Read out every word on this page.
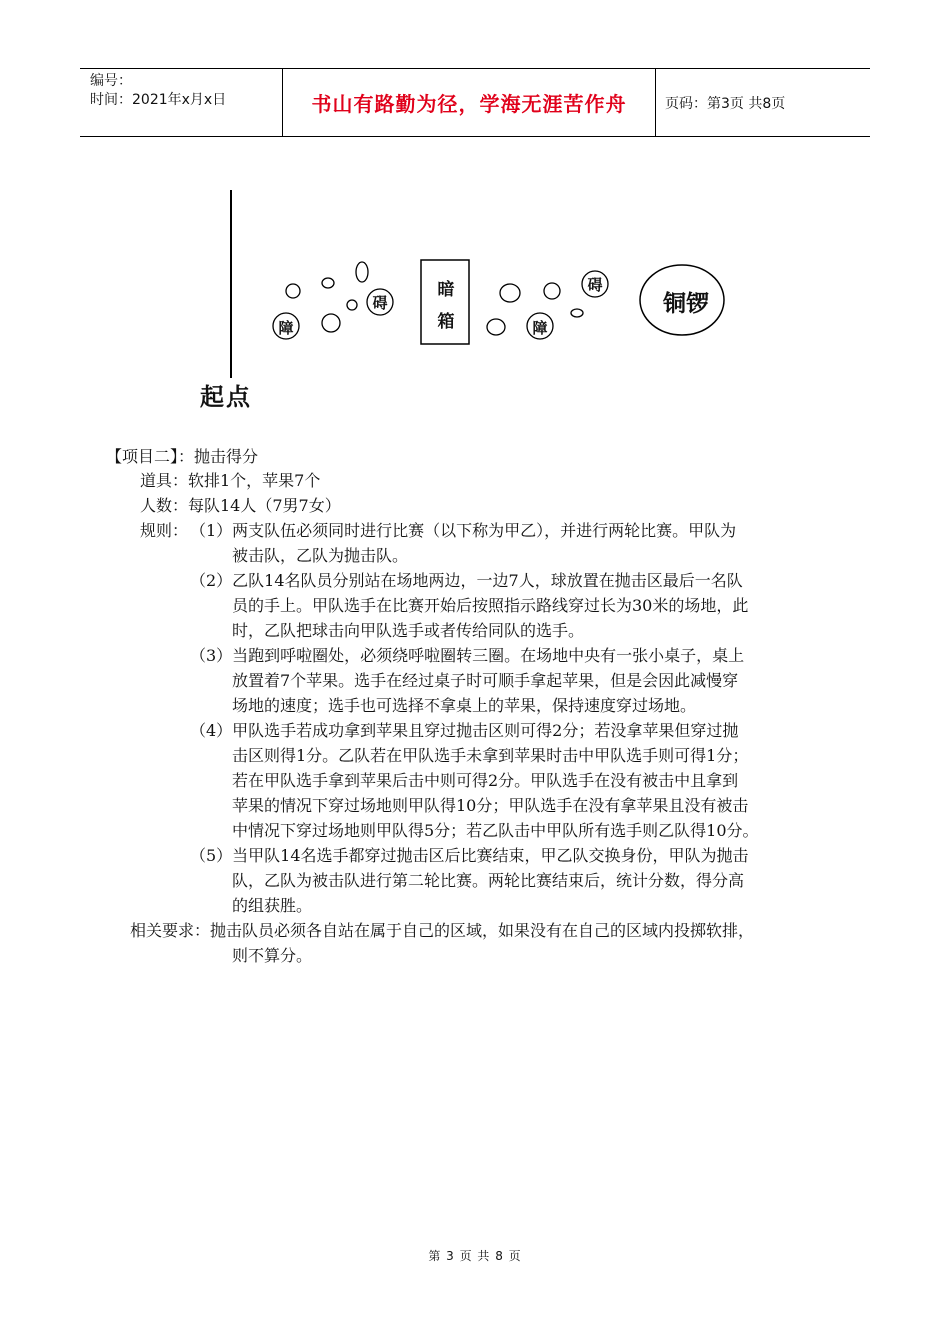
编号：
时间：2021年x月x日	书山有路勤为径，学海无涯苦作舟	页码：第3页 共8页
起点
暗
箱
铜锣
障
碍
障
碍
【项目二】：抛击得分
道具：软排1个，苹果7个
人数：每队14人（7男7女）
规则： （1）两支队伍必须同时进行比赛（以下称为甲乙），并进行两轮比赛。甲队为
被击队，乙队为抛击队。
（2）乙队14名队员分别站在场地两边，一边7人，球放置在抛击区最后一名队
员的手上。甲队选手在比赛开始后按照指示路线穿过长为30米的场地，此
时，乙队把球击向甲队选手或者传给同队的选手。
（3）当跑到呼啦圈处，必须绕呼啦圈转三圈。在场地中央有一张小桌子，桌上
放置着7个苹果。选手在经过桌子时可顺手拿起苹果，但是会因此减慢穿
场地的速度；选手也可选择不拿桌上的苹果，保持速度穿过场地。
（4）甲队选手若成功拿到苹果且穿过抛击区则可得2分；若没拿苹果但穿过抛
击区则得1分。乙队若在甲队选手未拿到苹果时击中甲队选手则可得1分；
若在甲队选手拿到苹果后击中则可得2分。甲队选手在没有被击中且拿到
苹果的情况下穿过场地则甲队得10分；甲队选手在没有拿苹果且没有被击
中情况下穿过场地则甲队得5分；若乙队击中甲队所有选手则乙队得10分。
（5）当甲队14名选手都穿过抛击区后比赛结束，甲乙队交换身份，甲队为抛击
队，乙队为被击队进行第二轮比赛。两轮比赛结束后，统计分数，得分高
的组获胜。
相关要求：抛击队员必须各自站在属于自己的区域，如果没有在自己的区域内投掷软排，
则不算分。
第 3 页 共 8 页
